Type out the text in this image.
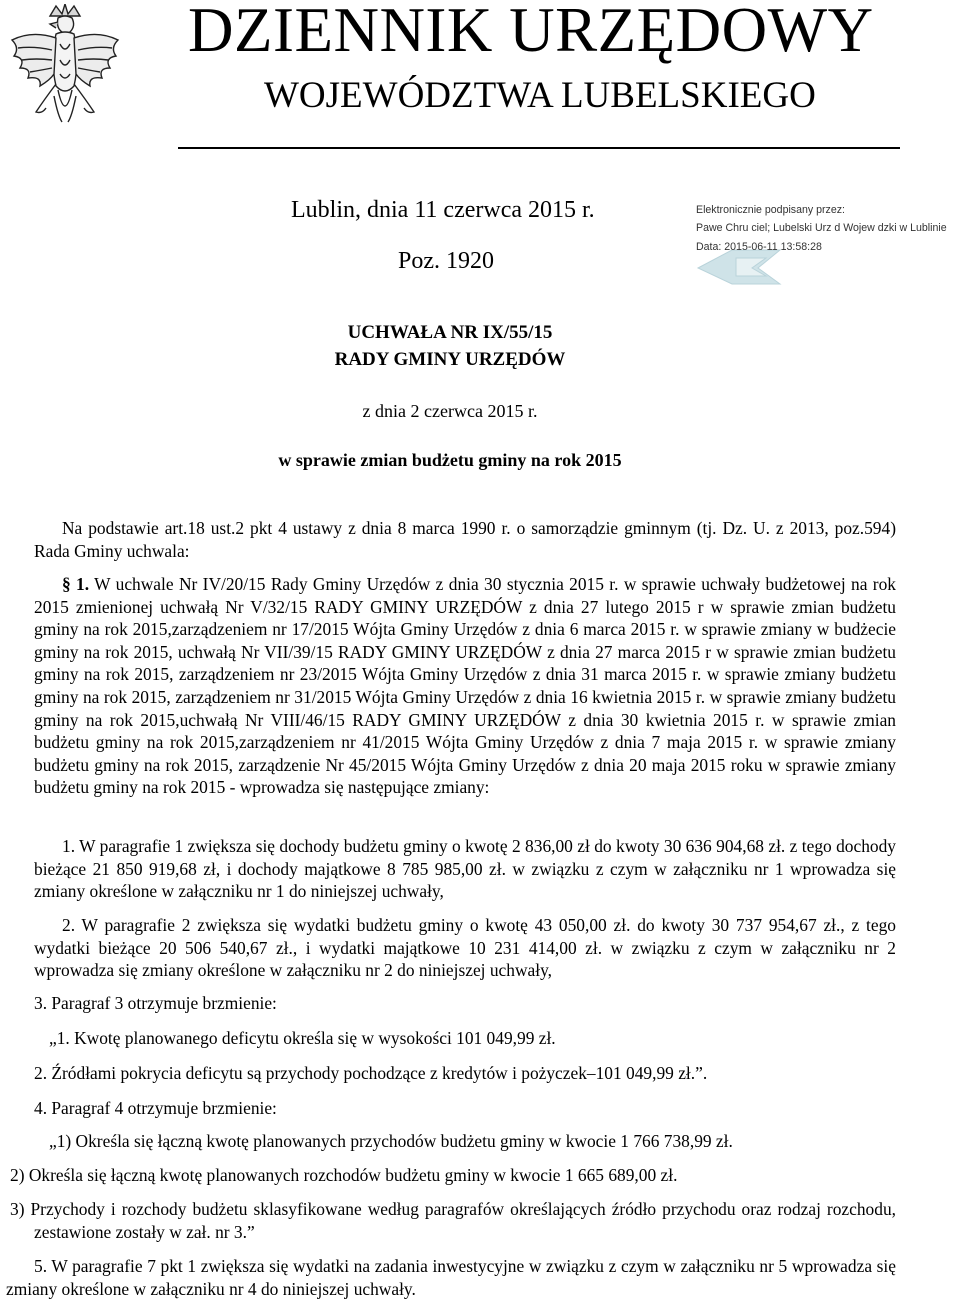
DZIENNIK URZĘDOWY
WOJEWÓDZTWA LUBELSKIEGO
Lublin, dnia 11 czerwca 2015 r.
Poz. 1920
Elektronicznie podpisany przez:
Pawe Chru ciel; Lubelski Urz d Wojew dzki w Lublinie
Data: 2015-06-11 13:58:28
UCHWAŁA NR IX/55/15
RADY GMINY URZĘDÓW
z dnia 2 czerwca 2015 r.
w sprawie zmian budżetu gminy na rok 2015
Na podstawie art.18 ust.2 pkt 4 ustawy z dnia 8 marca 1990 r. o samorządzie gminnym (tj. Dz. U. z 2013, poz.594) Rada Gminy uchwala:
§ 1. W uchwale Nr IV/20/15 Rady Gminy Urzędów z dnia 30 stycznia 2015 r. w sprawie uchwały budżetowej na rok 2015 zmienionej uchwałą Nr V/32/15 RADY GMINY URZĘDÓW z dnia 27 lutego 2015 r w sprawie zmian budżetu gminy na rok 2015,zarządzeniem nr 17/2015 Wójta Gminy Urzędów z dnia 6 marca 2015 r. w sprawie zmiany w budżecie gminy na rok 2015, uchwałą Nr VII/39/15 RADY GMINY URZĘDÓW z dnia 27 marca 2015 r w sprawie zmian budżetu gminy na rok 2015, zarządzeniem nr 23/2015 Wójta Gminy Urzędów z dnia 31 marca 2015 r. w sprawie zmiany budżetu gminy na rok 2015, zarządzeniem nr 31/2015 Wójta Gminy Urzędów z dnia 16 kwietnia 2015 r. w sprawie zmiany budżetu gminy na rok 2015,uchwałą Nr VIII/46/15 RADY GMINY URZĘDÓW z dnia 30 kwietnia 2015 r. w sprawie zmian budżetu gminy na rok 2015,zarządzeniem nr 41/2015 Wójta Gminy Urzędów z dnia 7 maja 2015 r. w sprawie zmiany budżetu gminy na rok 2015, zarządzenie Nr 45/2015 Wójta Gminy Urzędów z dnia 20 maja 2015 roku w sprawie zmiany budżetu gminy na rok 2015 - wprowadza się następujące zmiany:
1. W paragrafie 1 zwiększa się dochody budżetu gminy o kwotę 2 836,00 zł do kwoty 30 636 904,68 zł. z tego dochody bieżące 21 850 919,68 zł, i dochody majątkowe 8 785 985,00 zł. w związku z czym w załączniku nr 1 wprowadza się zmiany określone w załączniku nr 1 do niniejszej uchwały,
2. W paragrafie 2 zwiększa się wydatki budżetu gminy o kwotę 43 050,00 zł. do kwoty 30 737 954,67 zł., z tego wydatki bieżące 20 506 540,67 zł., i wydatki majątkowe 10 231 414,00 zł. w związku z czym w załączniku nr 2 wprowadza się zmiany określone w załączniku nr 2 do niniejszej uchwały,
3. Paragraf 3 otrzymuje brzmienie:
„1. Kwotę planowanego deficytu określa się w wysokości 101 049,99 zł.
2. Źródłami pokrycia deficytu są przychody pochodzące z kredytów i pożyczek–101 049,99 zł.”.
4. Paragraf 4 otrzymuje brzmienie:
„1) Określa się łączną kwotę planowanych przychodów budżetu gminy w kwocie 1 766 738,99 zł.
2) Określa się łączną kwotę planowanych rozchodów budżetu gminy w kwocie 1 665 689,00 zł.
3) Przychody i rozchody budżetu sklasyfikowane według paragrafów określających źródło przychodu oraz rodzaj rozchodu, zestawione zostały w zał. nr 3.”
5. W paragrafie 7 pkt 1 zwiększa się wydatki na zadania inwestycyjne w związku z czym w załączniku nr 5 wprowadza się zmiany określone w załączniku nr 4 do niniejszej uchwały.
